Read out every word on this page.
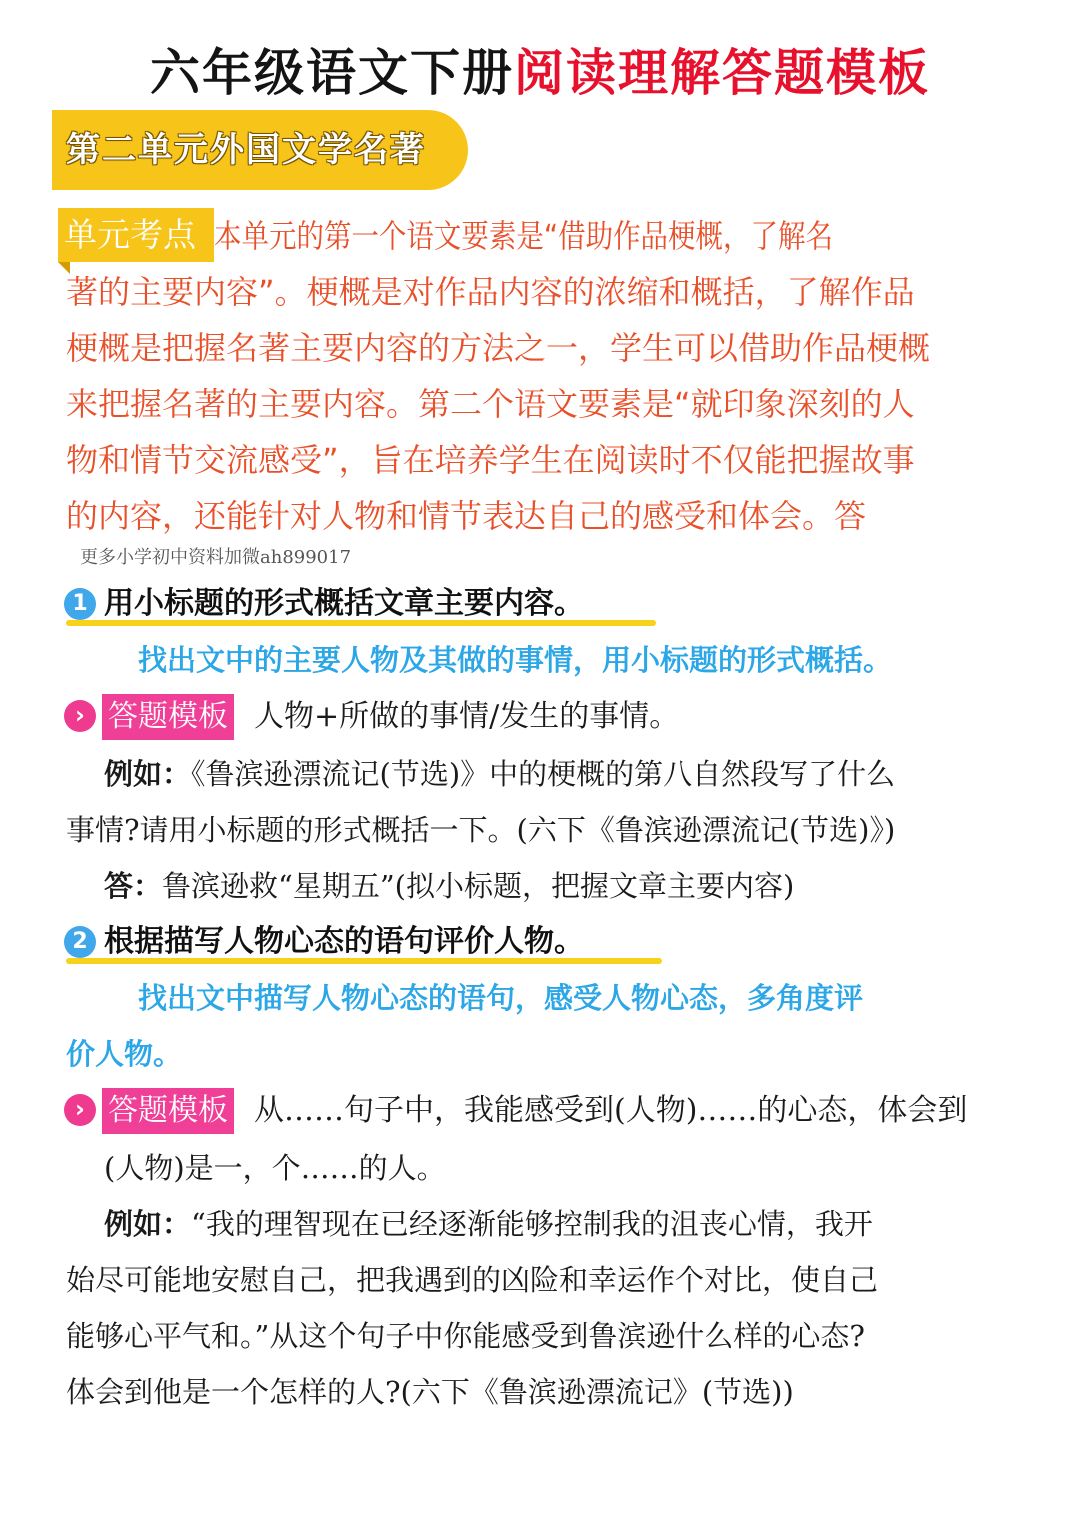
六年级语文下册阅读理解答题模板
第二单元外国文学名著
单元考点 本单元的第一个语文要素是“借助作品梗概，了解名
著的主要内容”。梗概是对作品内容的浓缩和概括，了解作品
梗概是把握名著主要内容的方法之一，学生可以借助作品梗概
来把握名著的主要内容。第二个语文要素是“就印象深刻的人
物和情节交流感受”，旨在培养学生在阅读时不仅能把握故事
的内容，还能针对人物和情节表达自己的感受和体会。答
更多小学初中资料加微ah899017
1 用小标题的形式概括文章主要内容。
找出文中的主要人物及其做的事情，用小标题的形式概括。
› 答题模板 人物+所做的事情/发生的事情。
例如：《鲁滨逊漂流记(节选)》中的梗概的第八自然段写了什么
事情?请用小标题的形式概括一下。(六下《鲁滨逊漂流记(节选)》)
答：鲁滨逊救“星期五”(拟小标题，把握文章主要内容)
2 根据描写人物心态的语句评价人物。
找出文中描写人物心态的语句，感受人物心态，多角度评
价人物。
› 答题模板 从……句子中，我能感受到(人物)……的心态，体会到
(人物)是一，个……的人。
例如：“我的理智现在已经逐渐能够控制我的沮丧心情，我开
始尽可能地安慰自己，把我遇到的凶险和幸运作个对比，使自己
能够心平气和。”从这个句子中你能感受到鲁滨逊什么样的心态?
体会到他是一个怎样的人?(六下《鲁滨逊漂流记》(节选))
